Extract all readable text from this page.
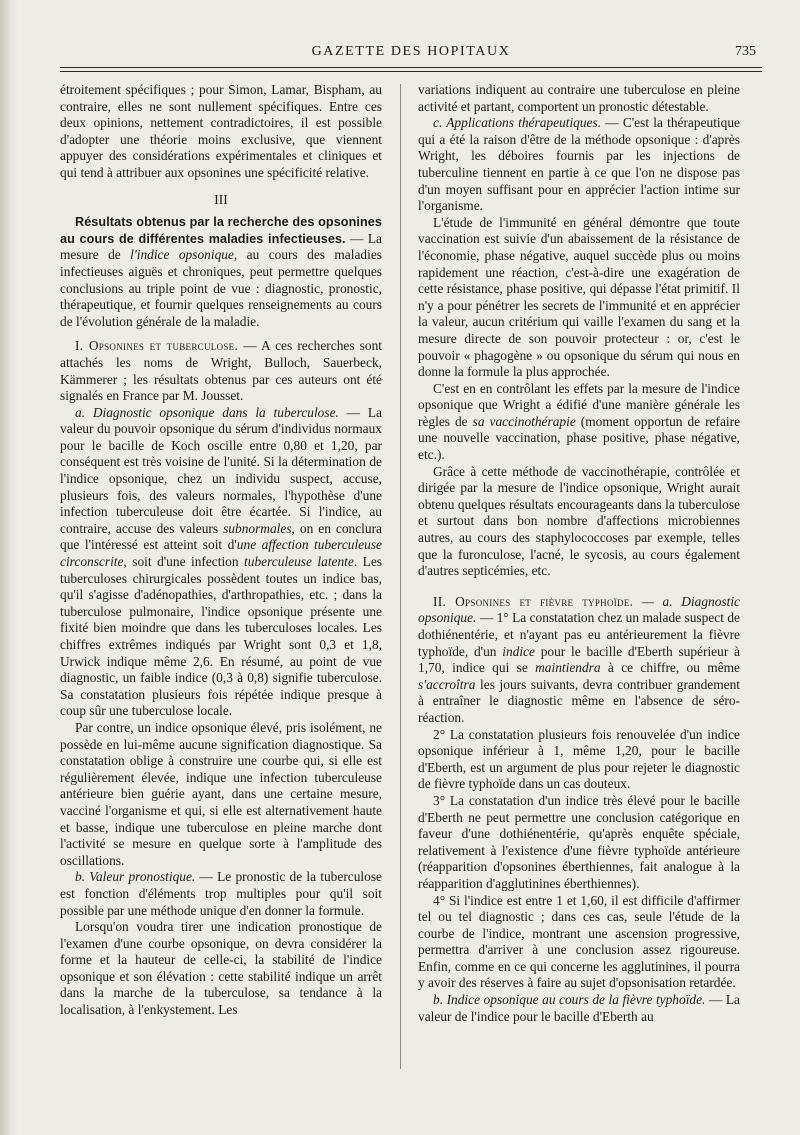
GAZETTE DES HOPITAUX	735

étroitement spécifiques ; pour Simon, Lamar, Bispham, au contraire, elles ne sont nullement spécifiques. Entre ces deux opinions, nettement contradictoires, il est possible d'adopter une théorie moins exclusive, que viennent appuyer des considérations expérimentales et cliniques et qui tend à attribuer aux opsonines une spécificité relative.

III

Résultats obtenus par la recherche des opsonines au cours de différentes maladies infectieuses. — La mesure de l'indice opsonique, au cours des maladies infectieuses aiguës et chroniques, peut permettre quelques conclusions au triple point de vue : diagnostic, pronostic, thérapeutique, et fournir quelques renseignements au cours de l'évolution générale de la maladie.

I. Opsonines et tuberculose. — A ces recherches sont attachés les noms de Wright, Bulloch, Sauerbeck, Kämmerer ; les résultats obtenus par ces auteurs ont été signalés en France par M. Jousset.

a. Diagnostic opsonique dans la tuberculose. — La valeur du pouvoir opsonique du sérum d'individus normaux pour le bacille de Koch oscille entre 0,80 et 1,20, par conséquent est très voisine de l'unité. Si la détermination de l'indice opsonique, chez un individu suspect, accuse, plusieurs fois, des valeurs normales, l'hypothèse d'une infection tuberculeuse doit être écartée. Si l'indice, au contraire, accuse des valeurs subnormales, on en conclura que l'intéressé est atteint soit d'une affection tuberculeuse circonscrite, soit d'une infection tuberculeuse latente. Les tuberculoses chirurgicales possèdent toutes un indice bas, qu'il s'agisse d'adénopathies, d'arthropathies, etc. ; dans la tuberculose pulmonaire, l'indice opsonique présente une fixité bien moindre que dans les tuberculoses locales. Les chiffres extrêmes indiqués par Wright sont 0,3 et 1,8, Urwick indique même 2,6. En résumé, au point de vue diagnostic, un faible indice (0,3 à 0,8) signifie tuberculose. Sa constatation plusieurs fois répétée indique presque à coup sûr une tuberculose locale.

Par contre, un indice opsonique élevé, pris isolément, ne possède en lui-même aucune signification diagnostique. Sa constatation oblige à construire une courbe qui, si elle est régulièrement élevée, indique une infection tuberculeuse antérieure bien guérie ayant, dans une certaine mesure, vacciné l'organisme et qui, si elle est alternativement haute et basse, indique une tuberculose en pleine marche dont l'activité se mesure en quelque sorte à l'amplitude des oscillations.

b. Valeur pronostique. — Le pronostic de la tuberculose est fonction d'éléments trop multiples pour qu'il soit possible par une méthode unique d'en donner la formule.

Lorsqu'on voudra tirer une indication pronostique de l'examen d'une courbe opsonique, on devra considérer la forme et la hauteur de celle-ci, la stabilité de l'indice opsonique et son élévation : cette stabilité indique un arrêt dans la marche de la tuberculose, sa tendance à la localisation, à l'enkystement. Les

variations indiquent au contraire une tuberculose en pleine activité et partant, comportent un pronostic détestable.

c. Applications thérapeutiques. — C'est la thérapeutique qui a été la raison d'être de la méthode opsonique : d'après Wright, les déboires fournis par les injections de tuberculine tiennent en partie à ce que l'on ne dispose pas d'un moyen suffisant pour en apprécier l'action intime sur l'organisme.

L'étude de l'immunité en général démontre que toute vaccination est suivie d'un abaissement de la résistance de l'économie, phase négative, auquel succède plus ou moins rapidement une réaction, c'est-à-dire une exagération de cette résistance, phase positive, qui dépasse l'état primitif. Il n'y a pour pénétrer les secrets de l'immunité et en apprécier la valeur, aucun critérium qui vaille l'examen du sang et la mesure directe de son pouvoir protecteur : or, c'est le pouvoir « phagogène » ou opsonique du sérum qui nous en donne la formule la plus approchée.

C'est en en contrôlant les effets par la mesure de l'indice opsonique que Wright a édifié d'une manière générale les règles de sa vaccinothérapie (moment opportun de refaire une nouvelle vaccination, phase positive, phase négative, etc.).

Grâce à cette méthode de vaccinothérapie, contrôlée et dirigée par la mesure de l'indice opsonique, Wright aurait obtenu quelques résultats encourageants dans la tuberculose et surtout dans bon nombre d'affections microbiennes autres, au cours des staphylococcoses par exemple, telles que la furonculose, l'acné, le sycosis, au cours également d'autres septicémies, etc.

II. Opsonines et fièvre typhoïde. — a. Diagnostic opsonique. — 1° La constatation chez un malade suspect de dothiénentérie, et n'ayant pas eu antérieurement la fièvre typhoïde, d'un indice pour le bacille d'Eberth supérieur à 1,70, indice qui se maintiendra à ce chiffre, ou même s'accroîtra les jours suivants, devra contribuer grandement à entraîner le diagnostic même en l'absence de séro-réaction.

2° La constatation plusieurs fois renouvelée d'un indice opsonique inférieur à 1, même 1,20, pour le bacille d'Eberth, est un argument de plus pour rejeter le diagnostic de fièvre typhoïde dans un cas douteux.

3° La constatation d'un indice très élevé pour le bacille d'Eberth ne peut permettre une conclusion catégorique en faveur d'une dothiénentérie, qu'après enquête spéciale, relativement à l'existence d'une fièvre typhoïde antérieure (réapparition d'opsonines éberthiennes, fait analogue à la réapparition d'agglutinines éberthiennes).

4° Si l'indice est entre 1 et 1,60, il est difficile d'affirmer tel ou tel diagnostic ; dans ces cas, seule l'étude de la courbe de l'indice, montrant une ascension progressive, permettra d'arriver à une conclusion assez rigoureuse. Enfin, comme en ce qui concerne les agglutinines, il pourra y avoir des réserves à faire au sujet d'opsonisation retardée.

b. Indice opsonique au cours de la fièvre typhoïde. — La valeur de l'indice pour le bacille d'Eberth au
